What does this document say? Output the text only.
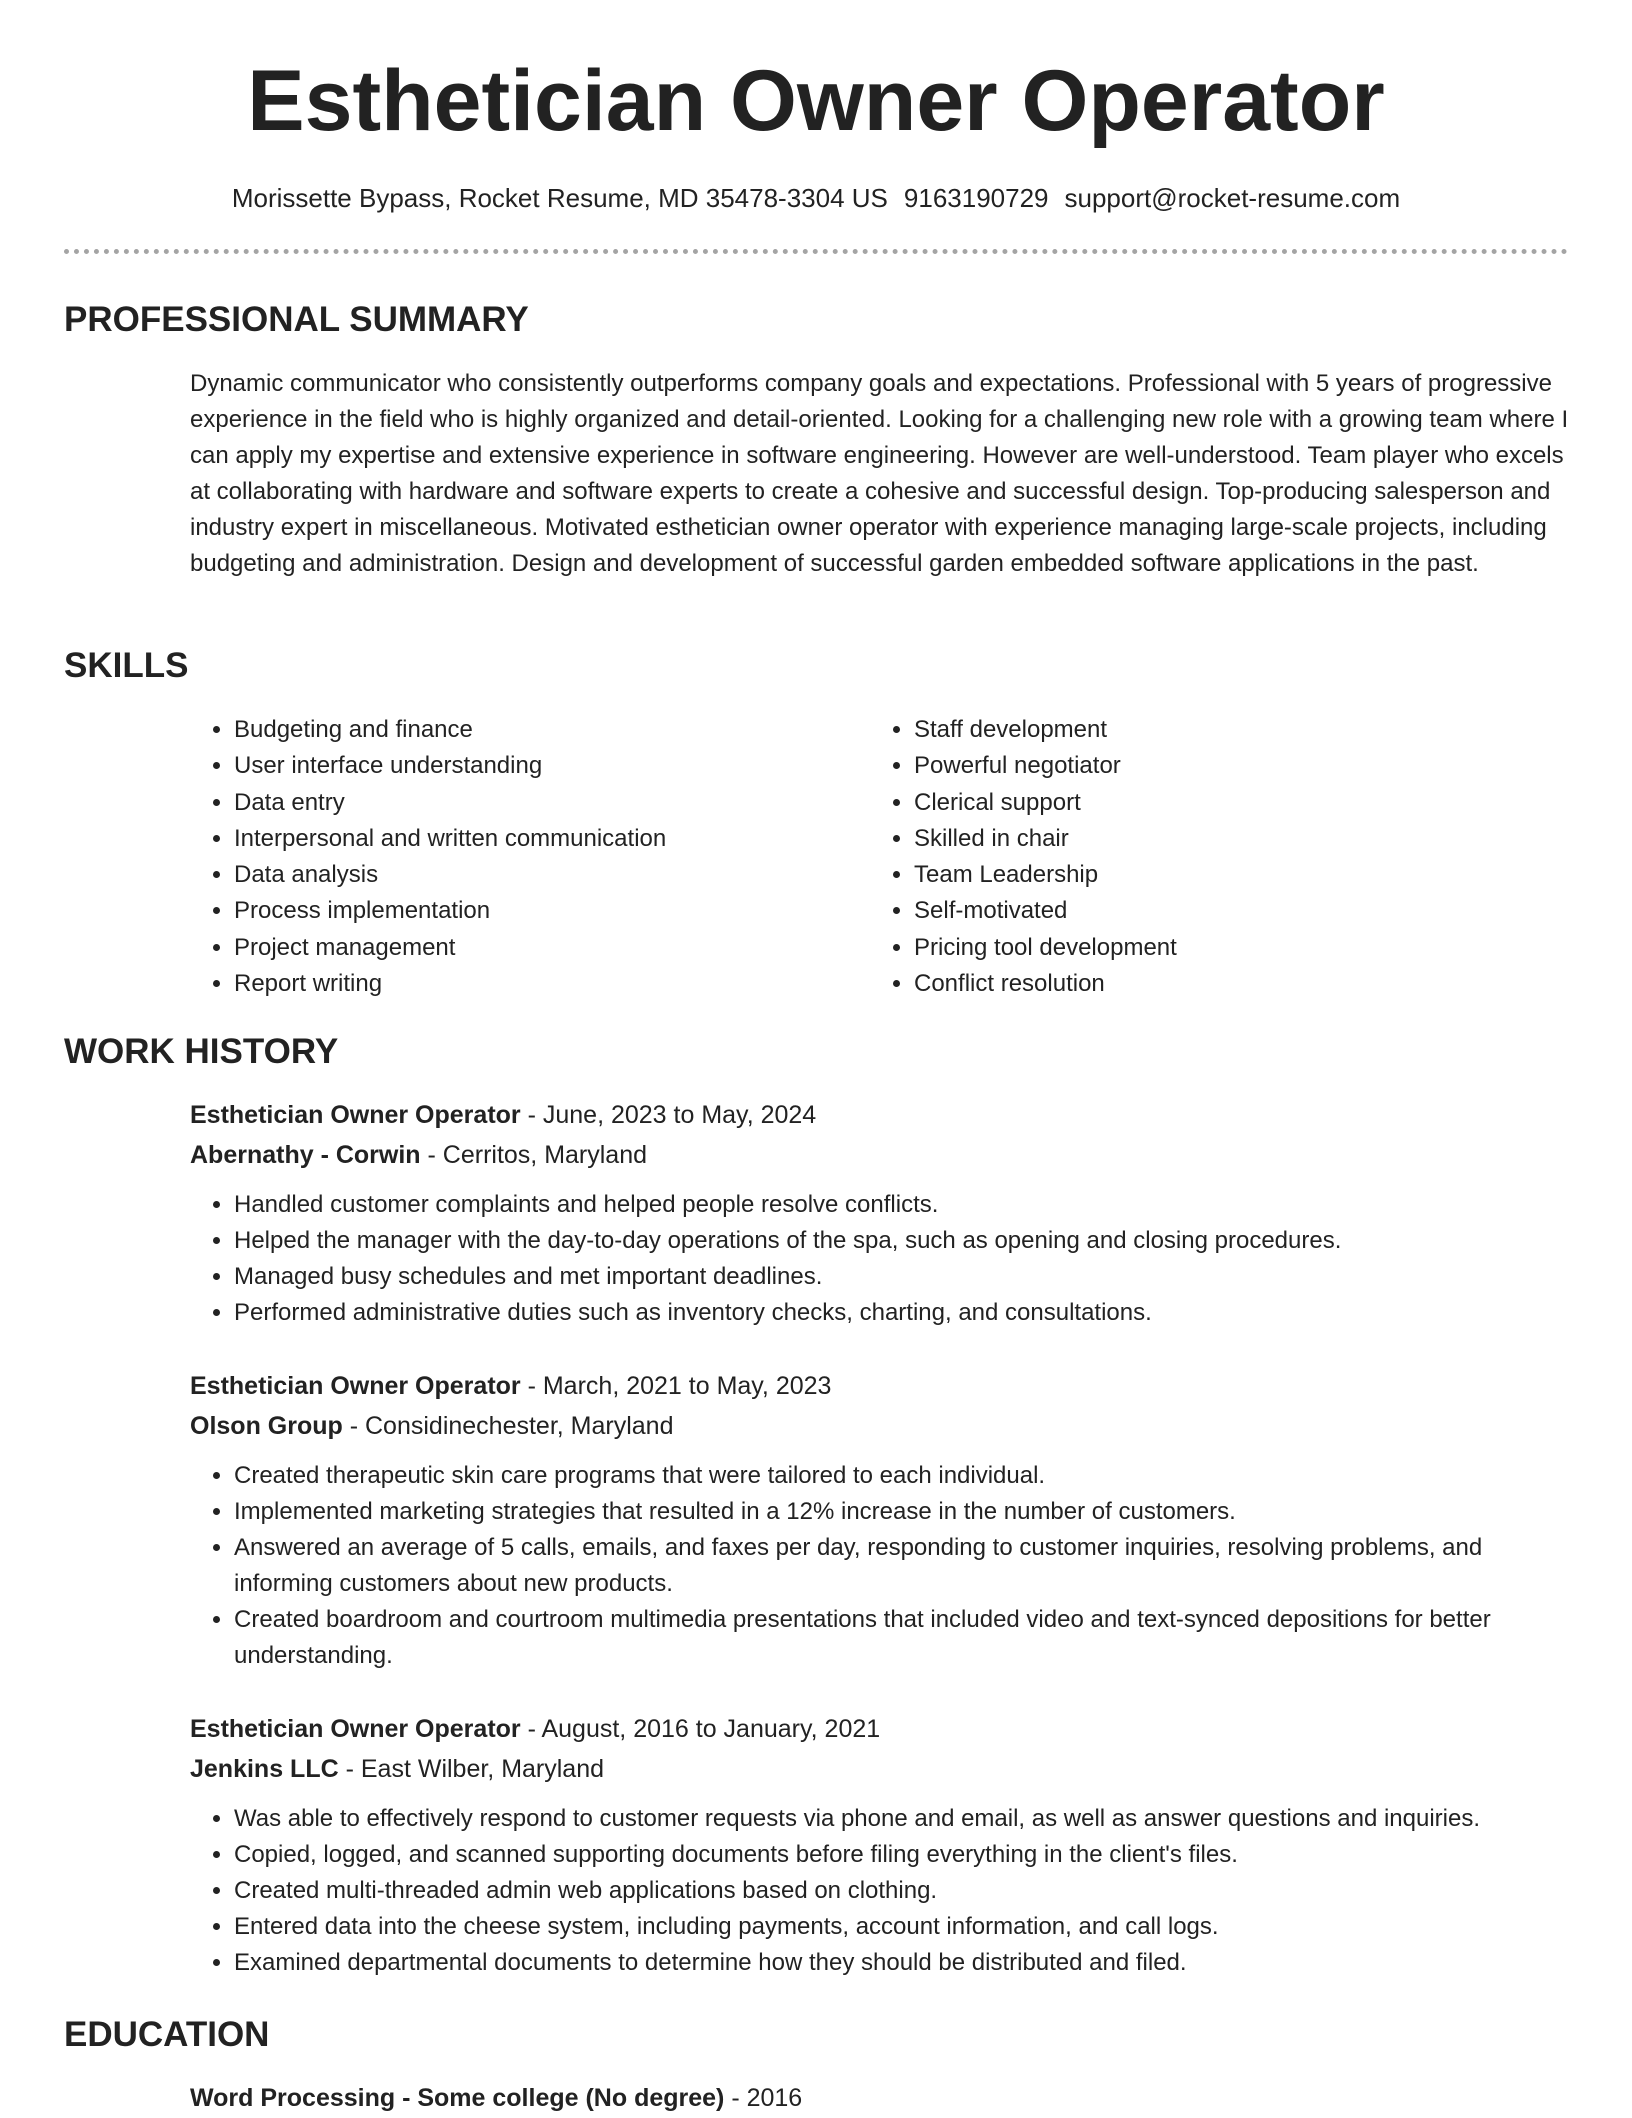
Esthetician Owner Operator
Morissette Bypass, Rocket Resume, MD 35478-3304 US 9163190729 support@rocket-resume.com
PROFESSIONAL SUMMARY

Dynamic communicator who consistently outperforms company goals and expectations. Professional with 5 years of progressive experience in the field who is highly organized and detail-oriented. Looking for a challenging new role with a growing team where I can apply my expertise and extensive experience in software engineering. However are well-understood. Team player who excels at collaborating with hardware and software experts to create a cohesive and successful design. Top-producing salesperson and industry expert in miscellaneous. Motivated esthetician owner operator with experience managing large-scale projects, including budgeting and administration. Design and development of successful garden embedded software applications in the past.

SKILLS
• Budgeting and finance
• User interface understanding
• Data entry
• Interpersonal and written communication
• Data analysis
• Process implementation
• Project management
• Report writing
• Staff development
• Powerful negotiator
• Clerical support
• Skilled in chair
• Team Leadership
• Self-motivated
• Pricing tool development
• Conflict resolution
WORK HISTORY
Esthetician Owner Operator - June, 2023 to May, 2024
Abernathy - Corwin - Cerritos, Maryland
• Handled customer complaints and helped people resolve conflicts.
• Helped the manager with the day-to-day operations of the spa, such as opening and closing procedures.
• Managed busy schedules and met important deadlines.
• Performed administrative duties such as inventory checks, charting, and consultations.
Esthetician Owner Operator - March, 2021 to May, 2023
Olson Group - Considinechester, Maryland
• Created therapeutic skin care programs that were tailored to each individual.
• Implemented marketing strategies that resulted in a 12% increase in the number of customers.
• Answered an average of 5 calls, emails, and faxes per day, responding to customer inquiries, resolving problems, and informing customers about new products.
• Created boardroom and courtroom multimedia presentations that included video and text-synced depositions for better understanding.
Esthetician Owner Operator - August, 2016 to January, 2021
Jenkins LLC - East Wilber, Maryland
• Was able to effectively respond to customer requests via phone and email, as well as answer questions and inquiries.
• Copied, logged, and scanned supporting documents before filing everything in the client's files.
• Created multi-threaded admin web applications based on clothing.
• Entered data into the cheese system, including payments, account information, and call logs.
• Examined departmental documents to determine how they should be distributed and filed.
EDUCATION
Word Processing - Some college (No degree) - 2016
